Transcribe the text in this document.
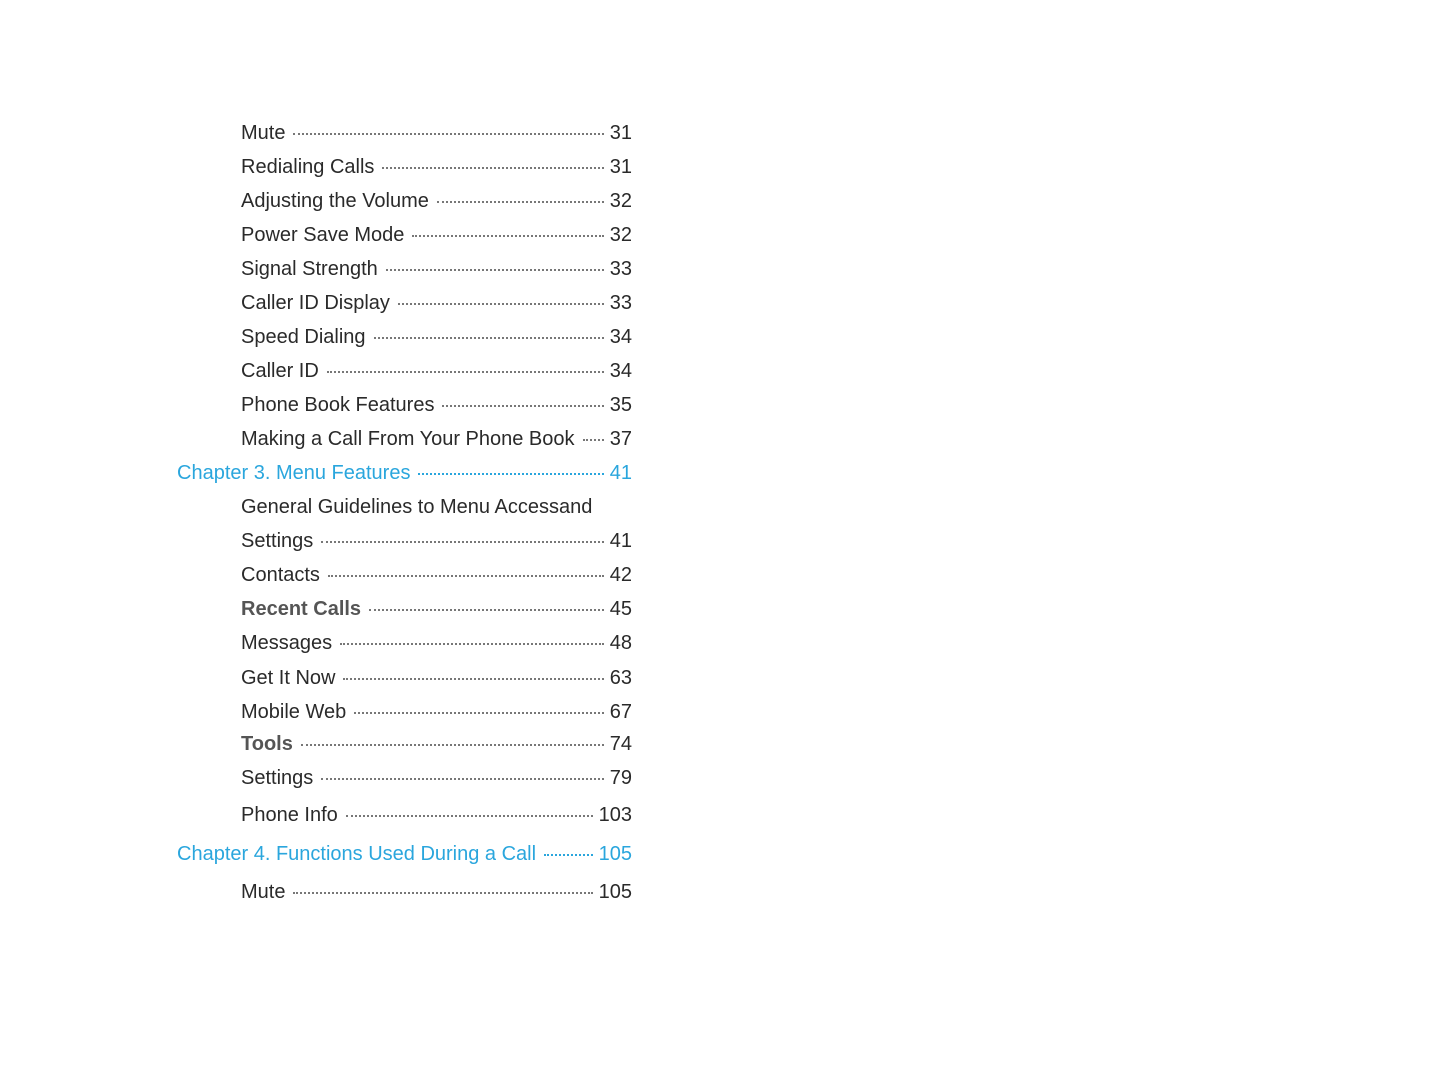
Mute	31
Redialing Calls	31
Adjusting the Volume	32
Power Save Mode	32
Signal Strength	33
Caller ID Display	33
Speed Dialing	34
Caller ID	34
Phone Book Features	35
Making a Call From Your Phone Book 37
Chapter 3. Menu Features	41
General Guidelines to Menu Accessand
Settings	41
Contacts	42
Recent Calls	45
Messages	48
Get It Now	63
Mobile Web	67
Tools	74
Settings	79
Phone Info	103
Chapter 4. Functions Used During a Call	105
Mute	105
